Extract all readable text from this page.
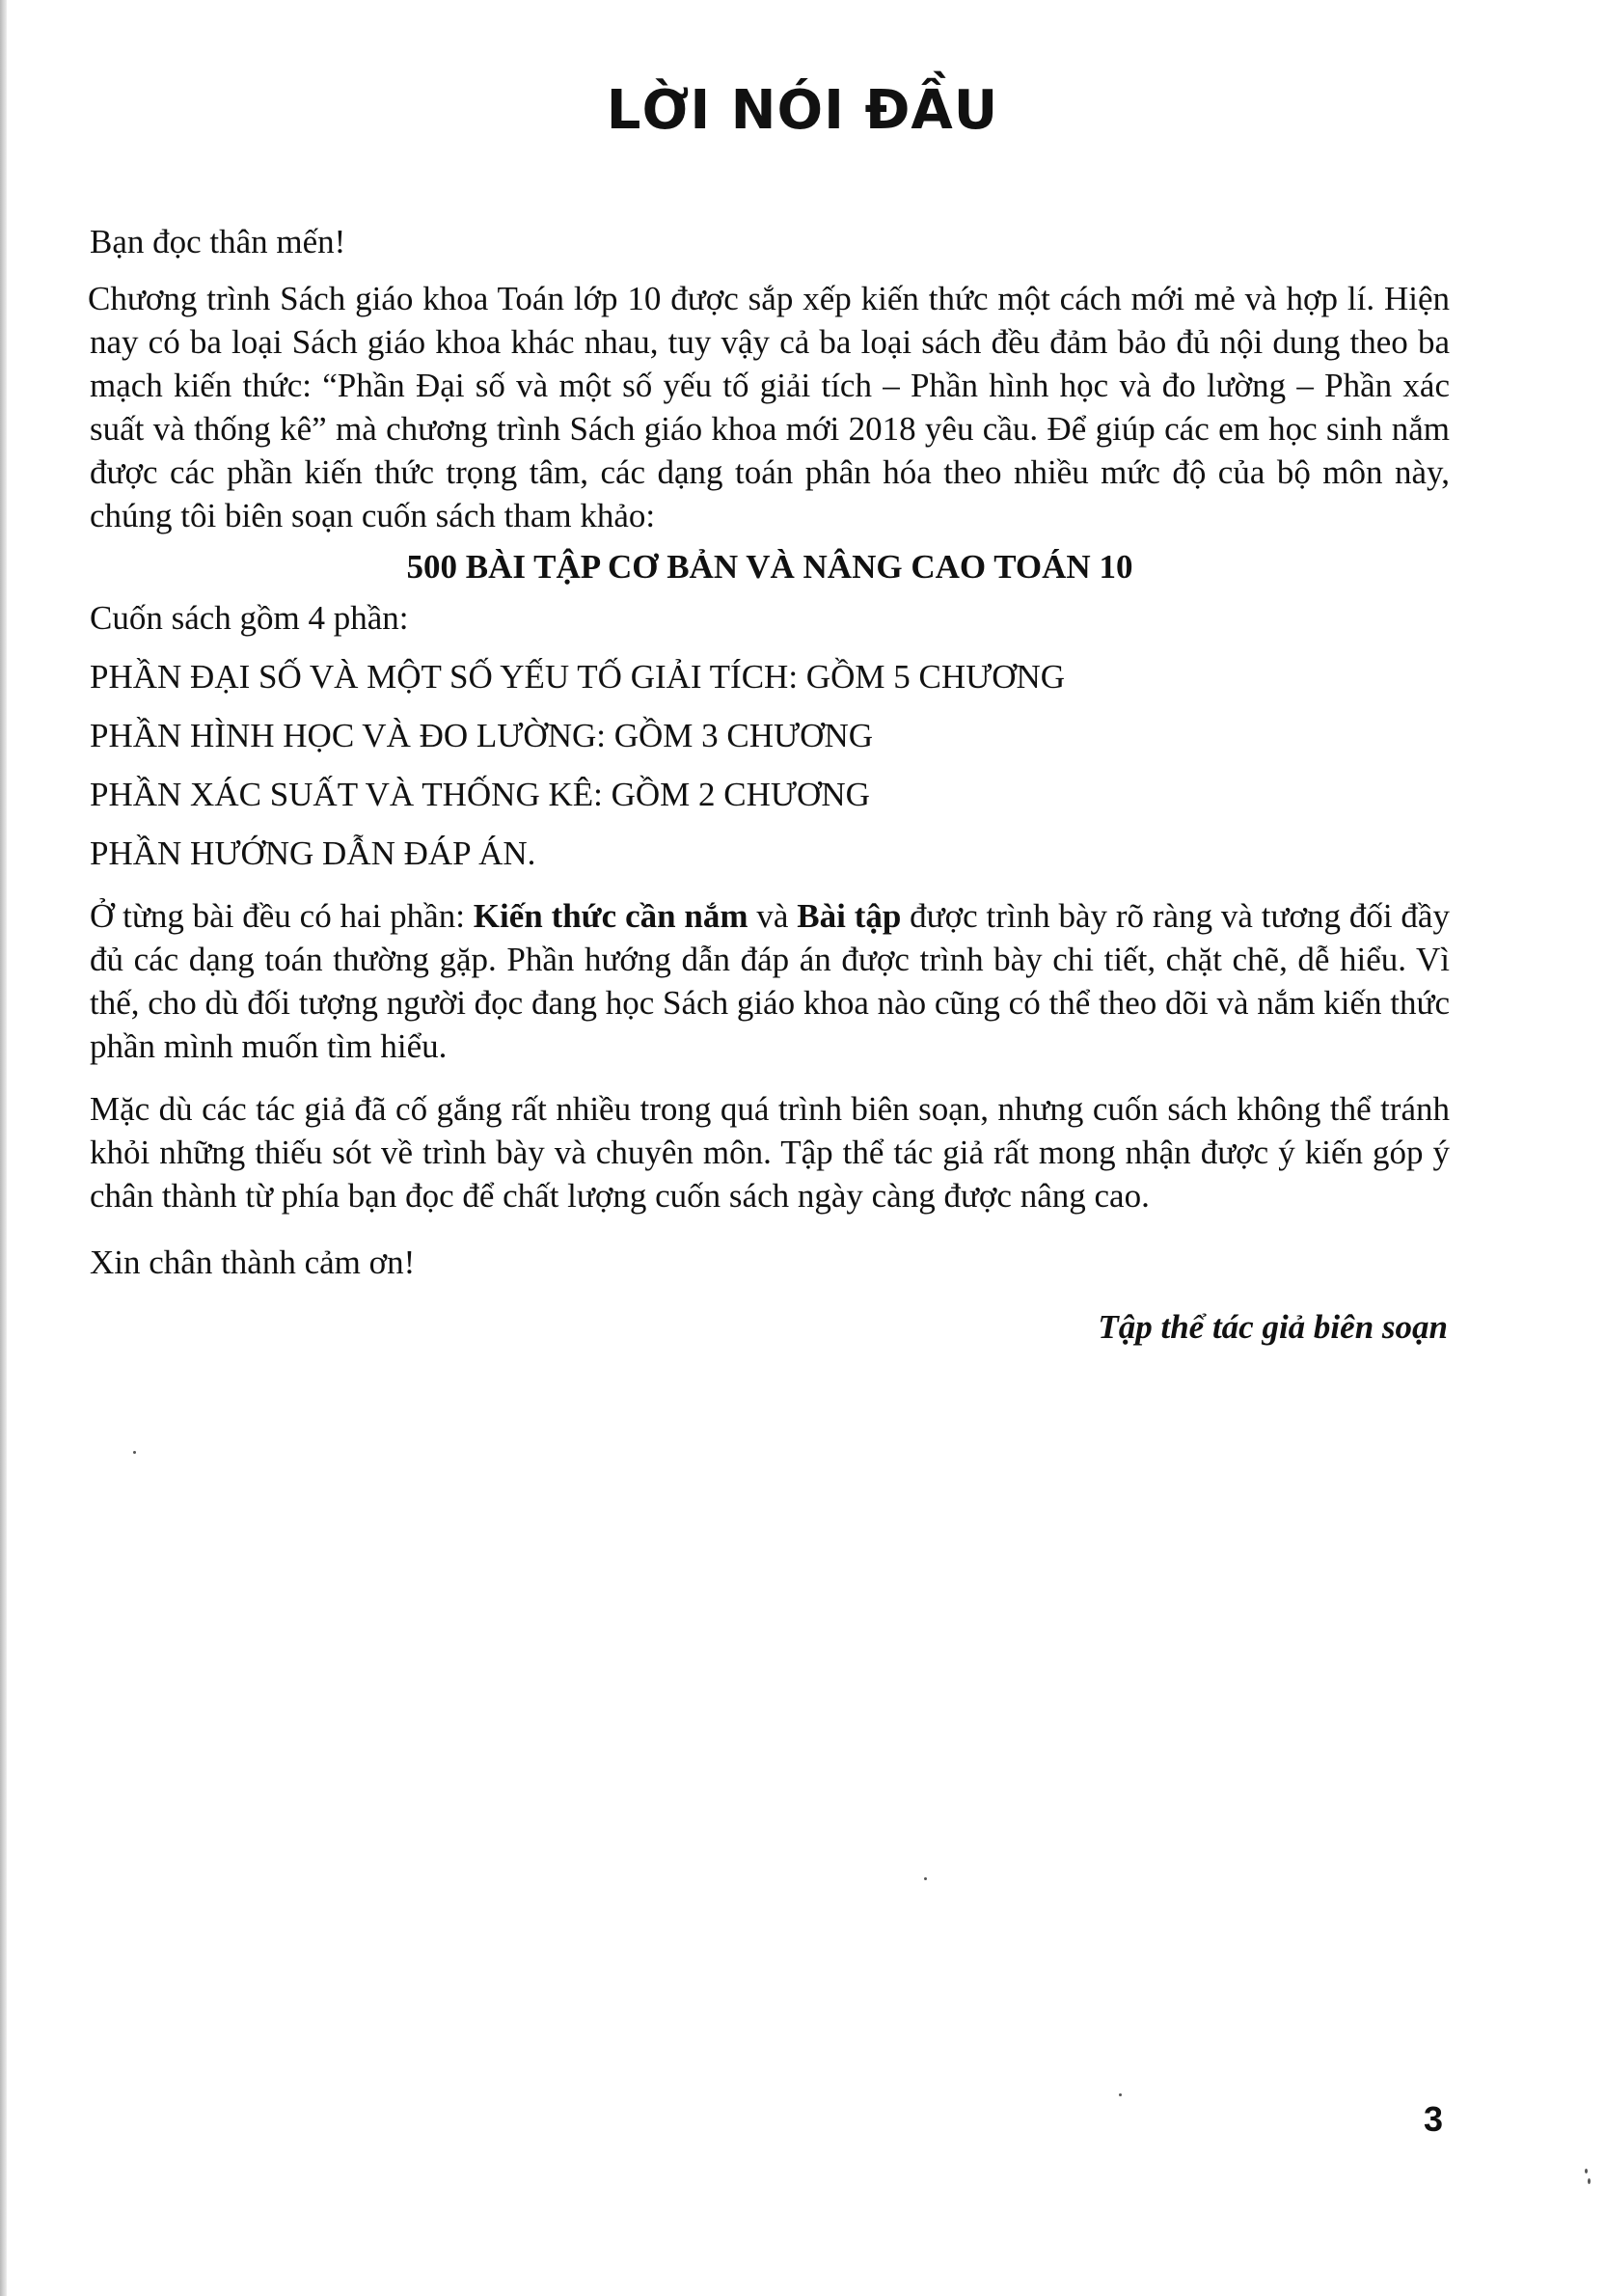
LỜI NÓI ĐẦU

Bạn đọc thân mến!

Chương trình Sách giáo khoa Toán lớp 10 được sắp xếp kiến thức một cách mới mẻ và hợp lí. Hiện nay có ba loại Sách giáo khoa khác nhau, tuy vậy cả ba loại sách đều đảm bảo đủ nội dung theo ba mạch kiến thức: “Phần Đại số và một số yếu tố giải tích – Phần hình học và đo lường – Phần xác suất và thống kê” mà chương trình Sách giáo khoa mới 2018 yêu cầu. Để giúp các em học sinh nắm được các phần kiến thức trọng tâm, các dạng toán phân hóa theo nhiều mức độ của bộ môn này, chúng tôi biên soạn cuốn sách tham khảo:

500 BÀI TẬP CƠ BẢN VÀ NÂNG CAO TOÁN 10

Cuốn sách gồm 4 phần:

PHẦN ĐẠI SỐ VÀ MỘT SỐ YẾU TỐ GIẢI TÍCH: GỒM 5 CHƯƠNG

PHẦN HÌNH HỌC VÀ ĐO LƯỜNG: GỒM 3 CHƯƠNG

PHẦN XÁC SUẤT VÀ THỐNG KÊ: GỒM 2 CHƯƠNG

PHẦN HƯỚNG DẪN ĐÁP ÁN.

Ở từng bài đều có hai phần: Kiến thức cần nắm và Bài tập được trình bày rõ ràng và tương đối đầy đủ các dạng toán thường gặp. Phần hướng dẫn đáp án được trình bày chi tiết, chặt chẽ, dễ hiểu. Vì thế, cho dù đối tượng người đọc đang học Sách giáo khoa nào cũng có thể theo dõi và nắm kiến thức phần mình muốn tìm hiểu.

Mặc dù các tác giả đã cố gắng rất nhiều trong quá trình biên soạn, nhưng cuốn sách không thể tránh khỏi những thiếu sót về trình bày và chuyên môn. Tập thể tác giả rất mong nhận được ý kiến góp ý chân thành từ phía bạn đọc để chất lượng cuốn sách ngày càng được nâng cao.

Xin chân thành cảm ơn!

Tập thể tác giả biên soạn

3
